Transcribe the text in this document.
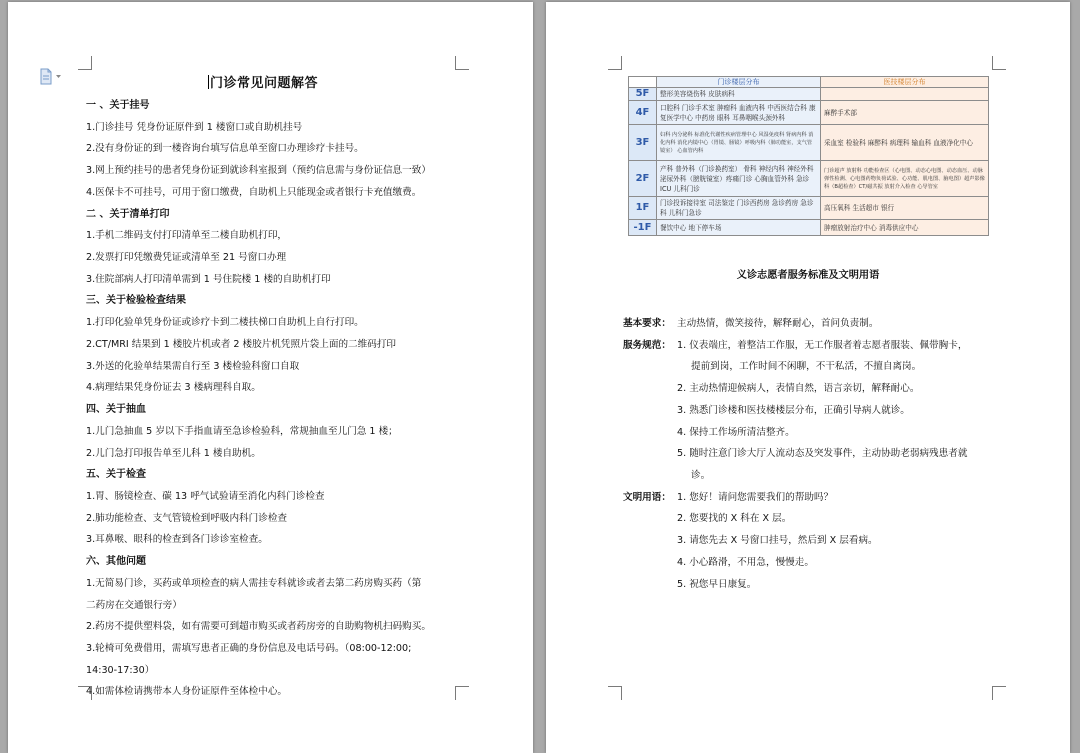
门诊常见问题解答
一 、关于挂号
1.门诊挂号 凭身份证原件到 1 楼窗口或自助机挂号
2.没有身份证的到一楼咨询台填写信息单至窗口办理诊疗卡挂号。
3.网上预约挂号的患者凭身份证到就诊科室报到（预约信息需与身份证信息一致）
4.医保卡不可挂号，可用于窗口缴费，自助机上只能现金或者银行卡充值缴费。
二 、关于清单打印
1.手机二维码支付打印清单至二楼自助机打印，
2.发票打印凭缴费凭证或清单至 21 号窗口办理
3.住院部病人打印清单需到 1 号住院楼 1 楼的自助机打印
三、关于检验检查结果
1.打印化验单凭身份证或诊疗卡到二楼扶梯口自助机上自行打印。
2.CT/MRI 结果到 1 楼胶片机或者 2 楼胶片机凭照片袋上面的二维码打印
3.外送的化验单结果需自行至 3 楼检验科窗口自取
4.病理结果凭身份证去 3 楼病理科自取。
四、关于抽血
1.儿门急抽血 5 岁以下手指血请至急诊检验科，常规抽血至儿门急 1 楼；
2.儿门急打印报告单至儿科 1 楼自助机。
五、关于检查
1.胃、肠镜检查、碳 13 呼气试验请至消化内科门诊检查
2.肺功能检查、支气管镜检到呼吸内科门诊检查
3.耳鼻喉、眼科的检查到各门诊诊室检查。
六、其他问题
1.无简易门诊，买药或单项检查的病人需挂专科就诊或者去第二药房购买药（第
二药房在交通银行旁）
2.药房不提供塑料袋，如有需要可到超市购买或者药房旁的自助购物机扫码购买。
3.轮椅可免费借用，需填写患者正确的身份信息及电话号码。（08:00-12:00;
14:30-17:30）
4.如需体检请携带本人身份证原件至体检中心。
	门诊楼层分布	医技楼层分布
5F	整形美容烧伤科 皮肤病科	
4F	口腔科 门诊手术室 肿瘤科 血液内科 中西医结合科 康复医学中心 中药房 眼科 耳鼻咽喉头颈外科	麻醉手术部
3F	妇科 内分泌科 标准化代谢性疾病管理中心 风湿免疫科 肾病内科 消化内科 消化内镜中心（胃镜、肠镜）呼吸内科（肺功能室，支气管镜室） 心血管内科	采血室 检验科 麻醉科 病理科 输血科 血液净化中心
2F	产科 普外科（门诊换药室） 骨科 神经内科 神经外科 泌尿外科（膀胱镜室）疼痛门诊 心胸血管外科 急诊ICU 儿科门诊	门诊超声 放射科 功能检查区（心电图、动态心电图、动态血压、动脉弹性检测、心电图药物负荷试验、心功能、肌电图、脑电图）超声影像科（B超检查）CT/磁共振 放射介入检查 心导管室
1F	门诊投诉接待室 司法鉴定 门诊西药房 急诊药房 急诊科 儿科门急诊	高压氧科 生活超市 银行
-1F	餐饮中心 地下停车场	肿瘤放射治疗中心 消毒供应中心
义诊志愿者服务标准及文明用语
基本要求： 主动热情，微笑接待，解释耐心，首问负责制。
服务规范： 1. 仪表端庄，着整洁工作服，无工作服者着志愿者服装、佩带胸卡，
提前到岗，工作时间不闲聊，不干私活，不擅自离岗。
2. 主动热情迎候病人，表情自然，语言亲切，解释耐心。
3. 熟悉门诊楼和医技楼楼层分布，正确引导病人就诊。
4. 保持工作场所清洁整齐。
5. 随时注意门诊大厅人流动态及突发事件，主动协助老弱病残患者就
诊。
文明用语： 1. 您好！请问您需要我们的帮助吗？
2. 您要找的 X 科在 X 层。
3. 请您先去 X 号窗口挂号，然后到 X 层看病。
4. 小心路滑，不用急，慢慢走。
5. 祝您早日康复。
